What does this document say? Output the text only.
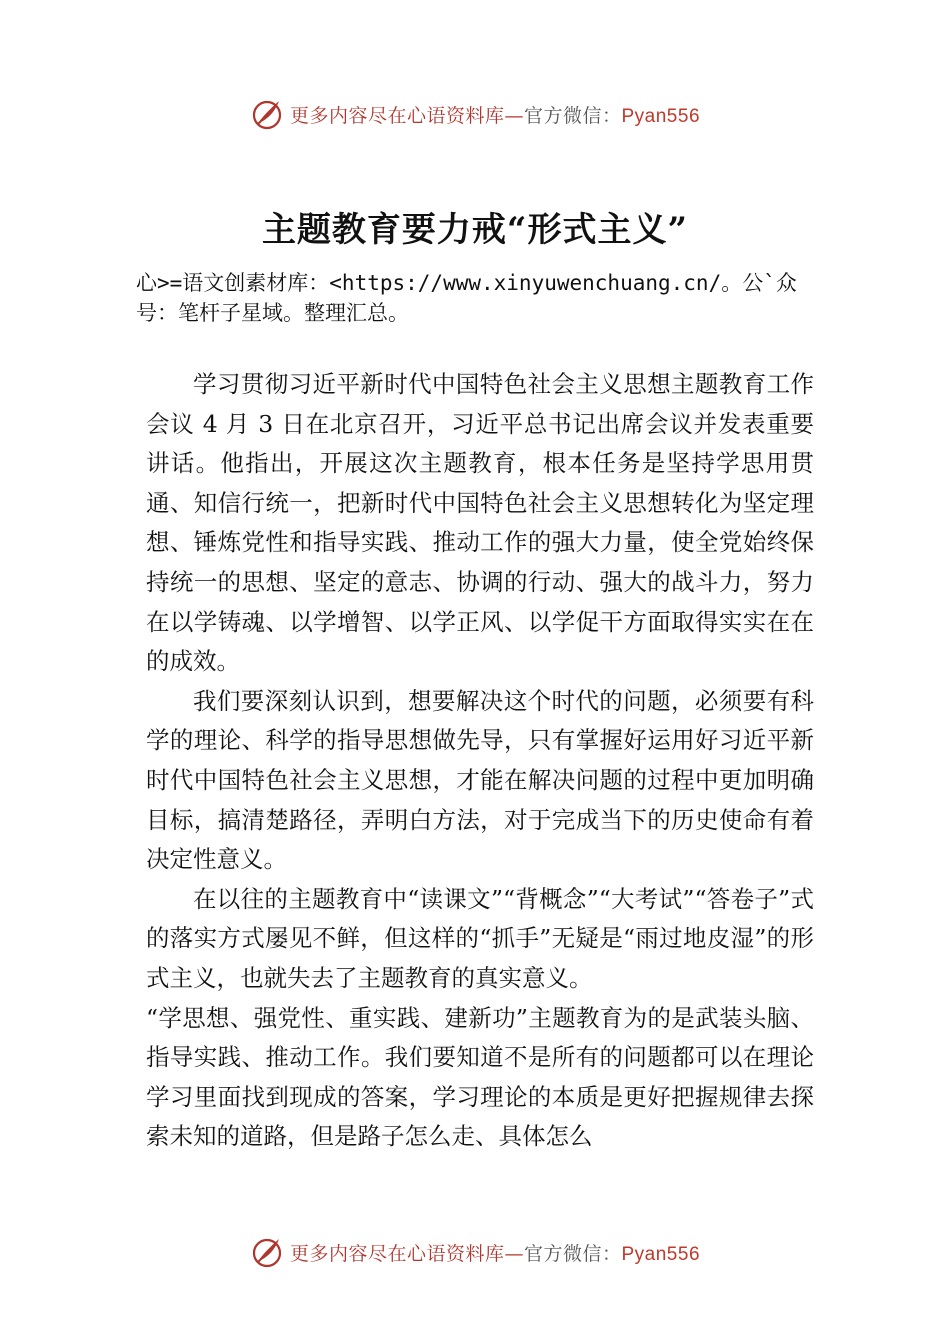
更多内容尽在心语资料库—官方微信：Pyan556
主题教育要力戒“形式主义”
心>=语文创素材库：<https://www.xinyuwenchuang.cn/。公`众号：笔杆子星域。整理汇总。

学习贯彻习近平新时代中国特色社会主义思想主题教育工作会议 4 月 3 日在北京召开，习近平总书记出席会议并发表重要讲话。他指出，开展这次主题教育，根本任务是坚持学思用贯通、知信行统一，把新时代中国特色社会主义思想转化为坚定理想、锤炼党性和指导实践、推动工作的强大力量，使全党始终保持统一的思想、坚定的意志、协调的行动、强大的战斗力，努力在以学铸魂、以学增智、以学正风、以学促干方面取得实实在在的成效。

我们要深刻认识到，想要解决这个时代的问题，必须要有科学的理论、科学的指导思想做先导，只有掌握好运用好习近平新时代中国特色社会主义思想，才能在解决问题的过程中更加明确目标，搞清楚路径，弄明白方法，对于完成当下的历史使命有着决定性意义。

在以往的主题教育中“读课文”“背概念”“大考试”“答卷子”式的落实方式屡见不鲜，但这样的“抓手”无疑是“雨过地皮湿”的形式主义，也就失去了主题教育的真实意义。

“学思想、强党性、重实践、建新功”主题教育为的是武装头脑、指导实践、推动工作。我们要知道不是所有的问题都可以在理论学习里面找到现成的答案，学习理论的本质是更好把握规律去探索未知的道路，但是路子怎么走、具体怎么

更多内容尽在心语资料库—官方微信：Pyan556
